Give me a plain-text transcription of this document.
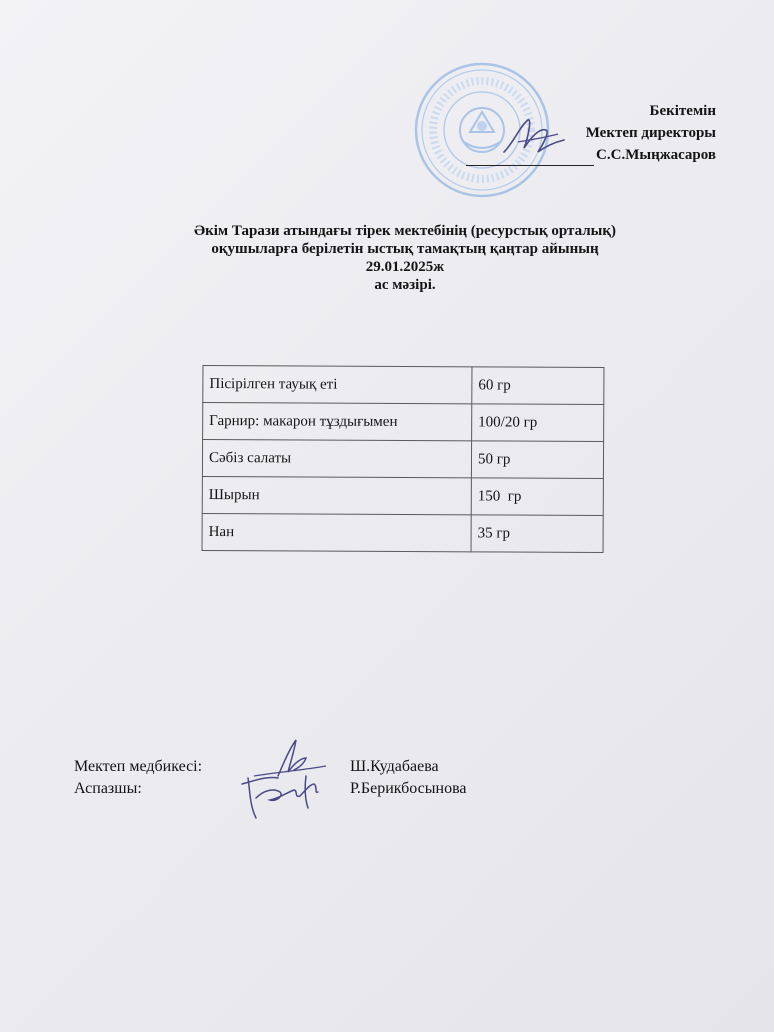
Бекітемін
Мектеп директоры
С.С.Мыңжасаров
Әкім Тарази атындағы тірек мектебінің (ресурстық орталық)
оқушыларға берілетін ыстық тамақтың қаңтар айының
29.01.2025ж
ас мәзірі.
Пісірілген тауық еті	60 гр
Гарнир: макарон тұздығымен	100/20 гр
Сәбіз салаты	50 гр
Шырын	150  гр
Нан	35 гр
Мектеп медбикесі:	Ш.Кудабаева
Аспазшы:	Р.Берикбосынова
